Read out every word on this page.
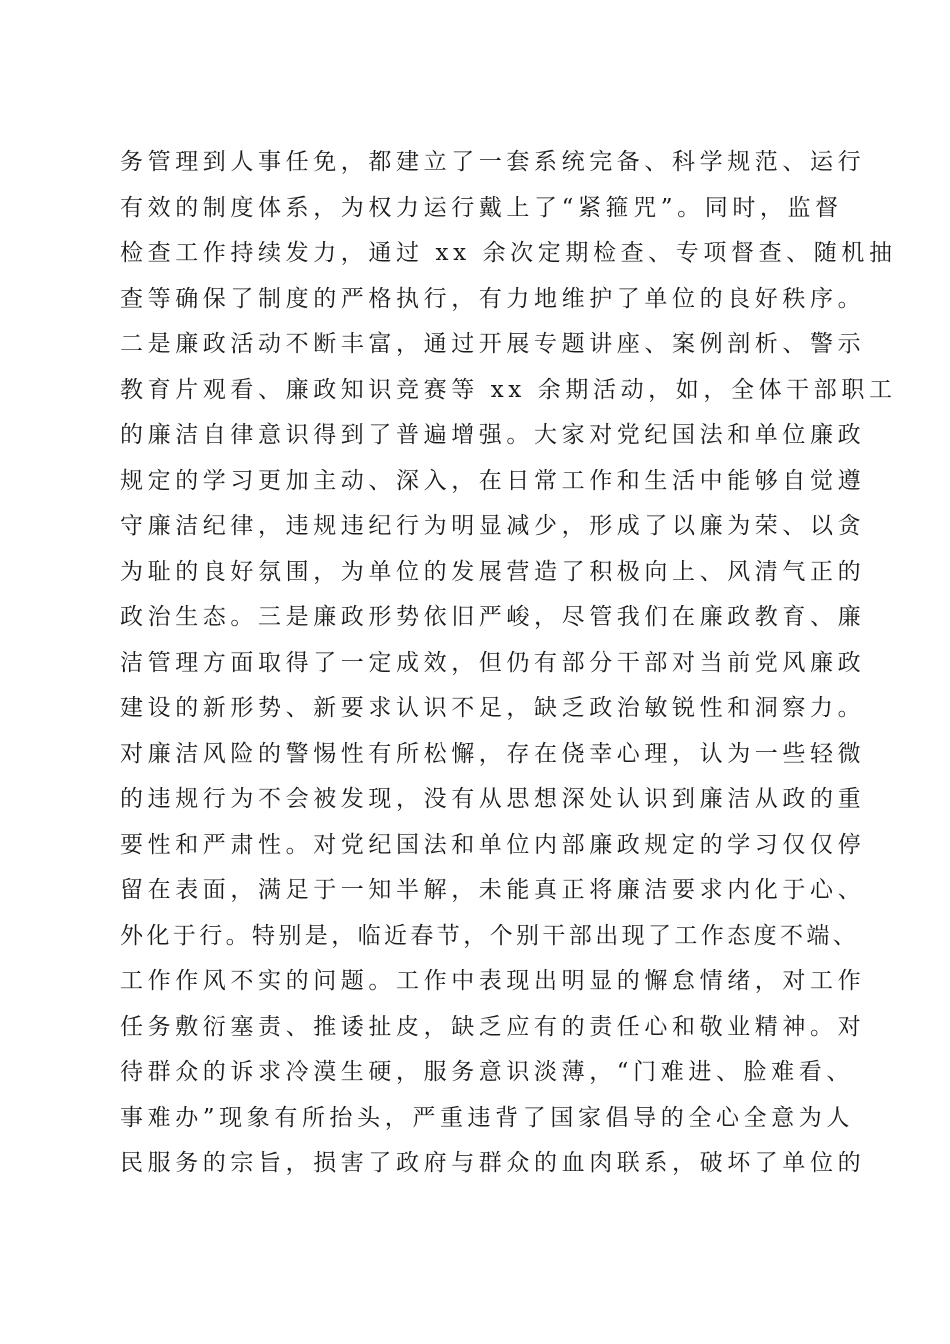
务管理到人事任免，都建立了一套系统完备、科学规范、运行
有效的制度体系，为权力运行戴上了“紧箍咒”。同时，监督
检查工作持续发力，通过 xx 余次定期检查、专项督查、随机抽
查等确保了制度的严格执行，有力地维护了单位的良好秩序。
二是廉政活动不断丰富，通过开展专题讲座、案例剖析、警示
教育片观看、廉政知识竞赛等 xx 余期活动，如，全体干部职工
的廉洁自律意识得到了普遍增强。大家对党纪国法和单位廉政
规定的学习更加主动、深入，在日常工作和生活中能够自觉遵
守廉洁纪律，违规违纪行为明显减少，形成了以廉为荣、以贪
为耻的良好氛围，为单位的发展营造了积极向上、风清气正的
政治生态。三是廉政形势依旧严峻，尽管我们在廉政教育、廉
洁管理方面取得了一定成效，但仍有部分干部对当前党风廉政
建设的新形势、新要求认识不足，缺乏政治敏锐性和洞察力。
对廉洁风险的警惕性有所松懈，存在侥幸心理，认为一些轻微
的违规行为不会被发现，没有从思想深处认识到廉洁从政的重
要性和严肃性。对党纪国法和单位内部廉政规定的学习仅仅停
留在表面，满足于一知半解，未能真正将廉洁要求内化于心、
外化于行。特别是，临近春节，个别干部出现了工作态度不端、
工作作风不实的问题。工作中表现出明显的懈怠情绪，对工作
任务敷衍塞责、推诿扯皮，缺乏应有的责任心和敬业精神。对
待群众的诉求冷漠生硬，服务意识淡薄，“门难进、脸难看、
事难办”现象有所抬头，严重违背了国家倡导的全心全意为人
民服务的宗旨，损害了政府与群众的血肉联系，破坏了单位的
